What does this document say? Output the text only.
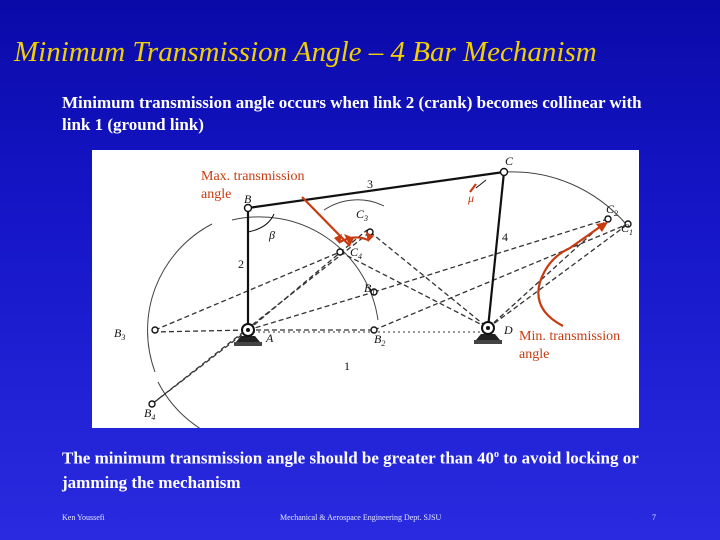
Minimum Transmission Angle – 4 Bar Mechanism
Minimum transmission angle occurs when link 2 (crank) becomes collinear with link 1 (ground link)
B
C
A
D
1
2
3
4
β
μ
$B_1$
$B_2$
$B_3$
$B_4$
$C_1$
$C_2$
$C_3$
$C_4$
Max. transmission angle
Min. transmission angle
The minimum transmission angle should be greater than 40$^o$ to avoid locking or jamming the mechanism
Ken Youssefi	Mechanical & Aerospace Engineering Dept. SJSU	7
